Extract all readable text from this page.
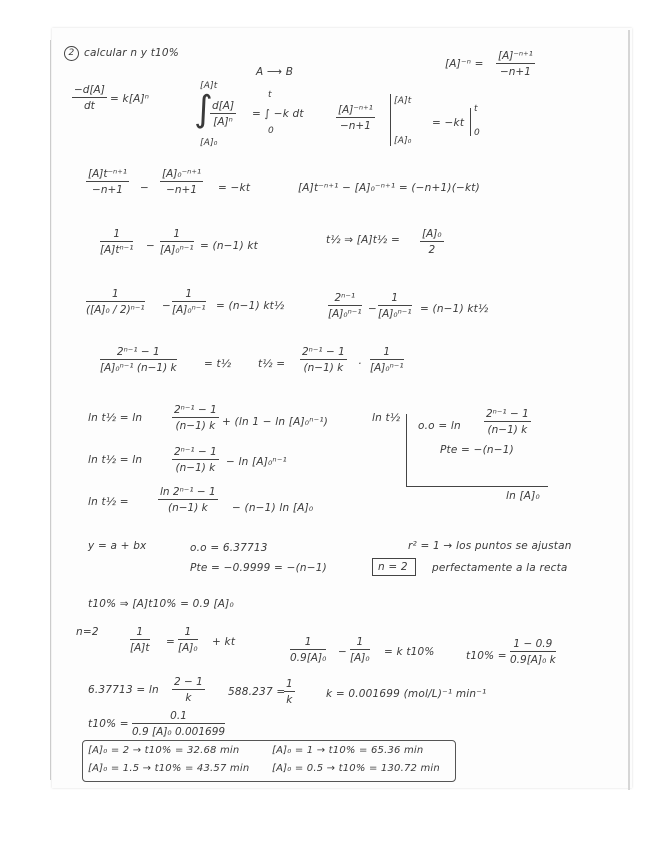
2 calcular n y t10%
A ⟶ B
$[A]^{-n} = \frac{\text{[A]⁻ⁿ⁺¹}}{-n+1}$
$\frac{-d[A]}{dt} = k[A]^n$
[A]t
∫
$\frac{d[A]}{\text{[A]ⁿ}}$
[A]₀
= ∫ −k dt
t
0	$\frac{\text{[A]⁻ⁿ⁺¹}}{-n+1}$
[A]t
[A]₀
= −kt
t
0
$\frac{\text{[A]t⁻ⁿ⁺¹}}{-n+1} - \frac{\text{[A]₀⁻ⁿ⁺¹}}{-n+1} = -kt$	[A]t⁻ⁿ⁺¹ − [A]₀⁻ⁿ⁺¹ = (−n+1)(−kt)
$\frac{1}{\text{[A]tⁿ⁻¹}} - \frac{1}{\text{[A]₀ⁿ⁻¹}} = (n-1)$ kt	t½ ⇒ [A]t½ = $\frac{\text{[A]₀}}{2}$
$\frac{1}{\text{([A]₀ / 2)ⁿ⁻¹}} - \frac{1}{\text{[A]₀ⁿ⁻¹}} = (n-1)$ kt½	$\frac{\text{2ⁿ⁻¹}}{\text{[A]₀ⁿ⁻¹}} - \frac{1}{\text{[A]₀ⁿ⁻¹}} = (n-1)$ kt½
$\frac{\text{2ⁿ⁻¹ − 1}}{\text{[A]₀ⁿ⁻¹ (n−1) k}}$	= t½	t½ = $\frac{\text{2ⁿ⁻¹ − 1}}{(n-1) k} \cdot \frac{1}{\text{[A]₀ⁿ⁻¹}}$
ln t½ = ln	$\frac{\text{2ⁿ⁻¹ − 1}}{(n-1) k} + (\ln$ 1 − ln [A]₀ⁿ⁻¹)
ln t½ = ln	$\frac{\text{2ⁿ⁻¹ − 1}}{(n-1) k} - \ln [A]_0^{n-1}$
ln t½ =	$\frac{\text{ln 2ⁿ⁻¹ − 1}}{(n-1) k} - (n-1)$ ln [A]₀
ln t½
$o.o = \ln \frac{\text{2ⁿ⁻¹ − 1}}{(n-1) k}$
Pte = −(n−1)
ln [A]₀
y = a + bx	o.o = 6.37713
Pte = −0.9999 = −(n−1)	n = 2
r² = 1 → los puntos se ajustan
perfectamente a la recta
t10% ⇒ [A]t10% = 0.9 [A]₀
n=2	$\frac{1}{[A]t} = \frac{1}{\text{[A]₀}}$ + kt	$\frac{1}{\text{0.9[A]₀}} - \frac{1}{\text{[A]₀}} = k$ t10%	$t10\% = \frac{1 - 0.9}{\text{0.9[A]₀ k}}$
$6.37713 = \ln \frac{2 - 1}{k} 588.237$ =
$\frac{1}{k}$	k = 0.001699 (mol/L)⁻¹ min⁻¹
$t10\% = \frac{0.1}{\text{0.9 [A]₀ 0.001699}}$
[A]₀ = 2 → t10% = 32.68 min	[A]₀ = 1 → t10% = 65.36 min
[A]₀ = 1.5 → t10% = 43.57 min [A]₀ = 0.5 → t10% = 130.72 min
